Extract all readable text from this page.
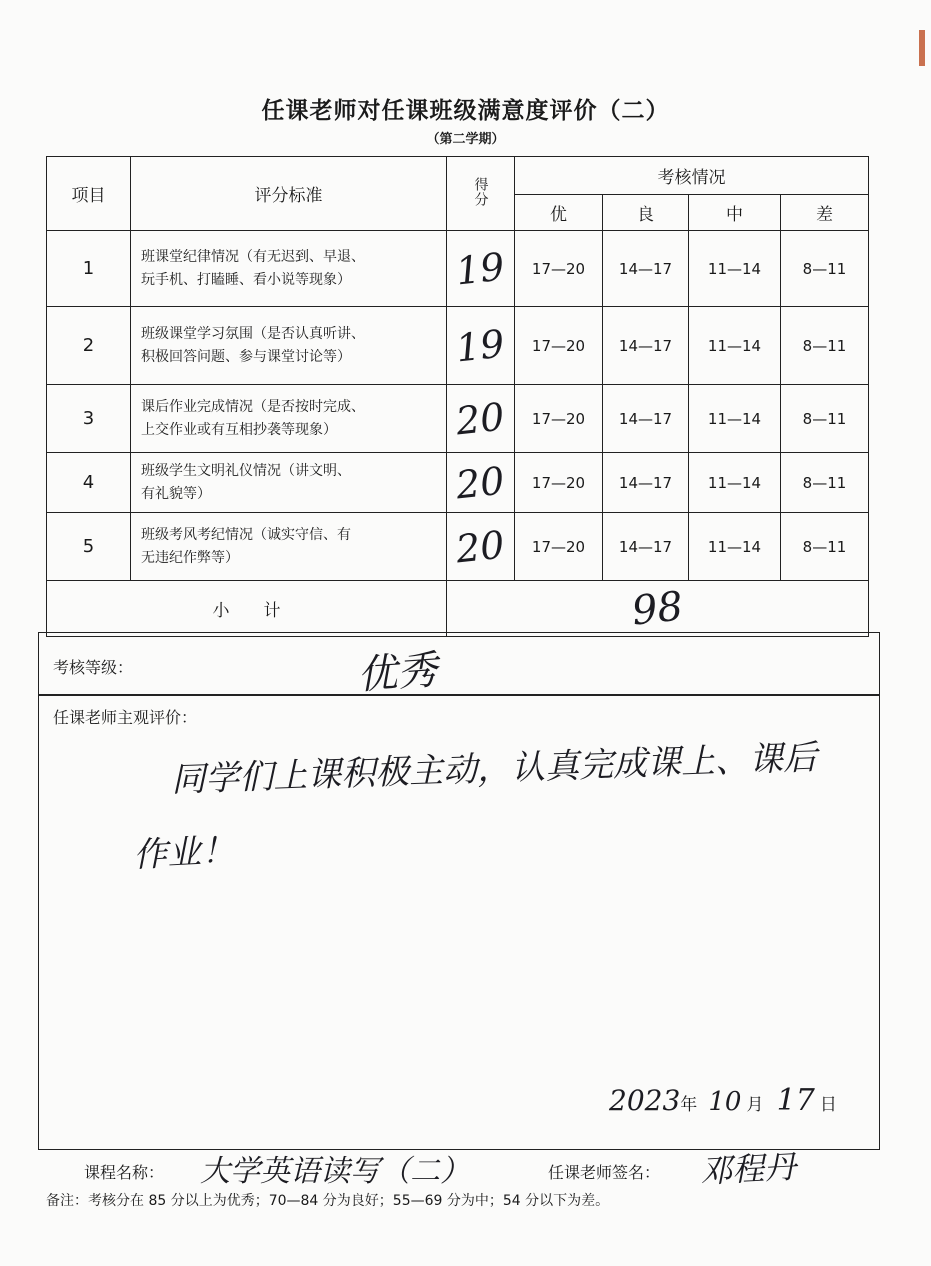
任课老师对任课班级满意度评价（二）
（第二学期）
项目	评分标准	得分	考核情况			
			优	良	中	差
1	班课堂纪律情况（有无迟到、早退、
玩手机、打瞌睡、看小说等现象）	19	17—20	14—17	11—14	8—11
2	班级课堂学习氛围（是否认真听讲、
积极回答问题、参与课堂讨论等）	19	17—20	14—17	11—14	8—11
3	课后作业完成情况（是否按时完成、
上交作业或有互相抄袭等现象）	20	17—20	14—17	11—14	8—11
4	班级学生文明礼仪情况（讲文明、
有礼貌等）	20	17—20	14—17	11—14	8—11
5	班级考风考纪情况（诚实守信、有
无违纪作弊等）	20	17—20	14—17	11—14	8—11
小　　计		98				
考核等级：	优秀
任课老师主观评价：
同学们上课积极主动，认真完成课上、课后
作业！
2023年 10 月 17 日
课程名称： 大学英语读写（二）	任课老师签名： 邓程丹
备注：考核分在 85 分以上为优秀；70—84 分为良好；55—69 分为中；54 分以下为差。
